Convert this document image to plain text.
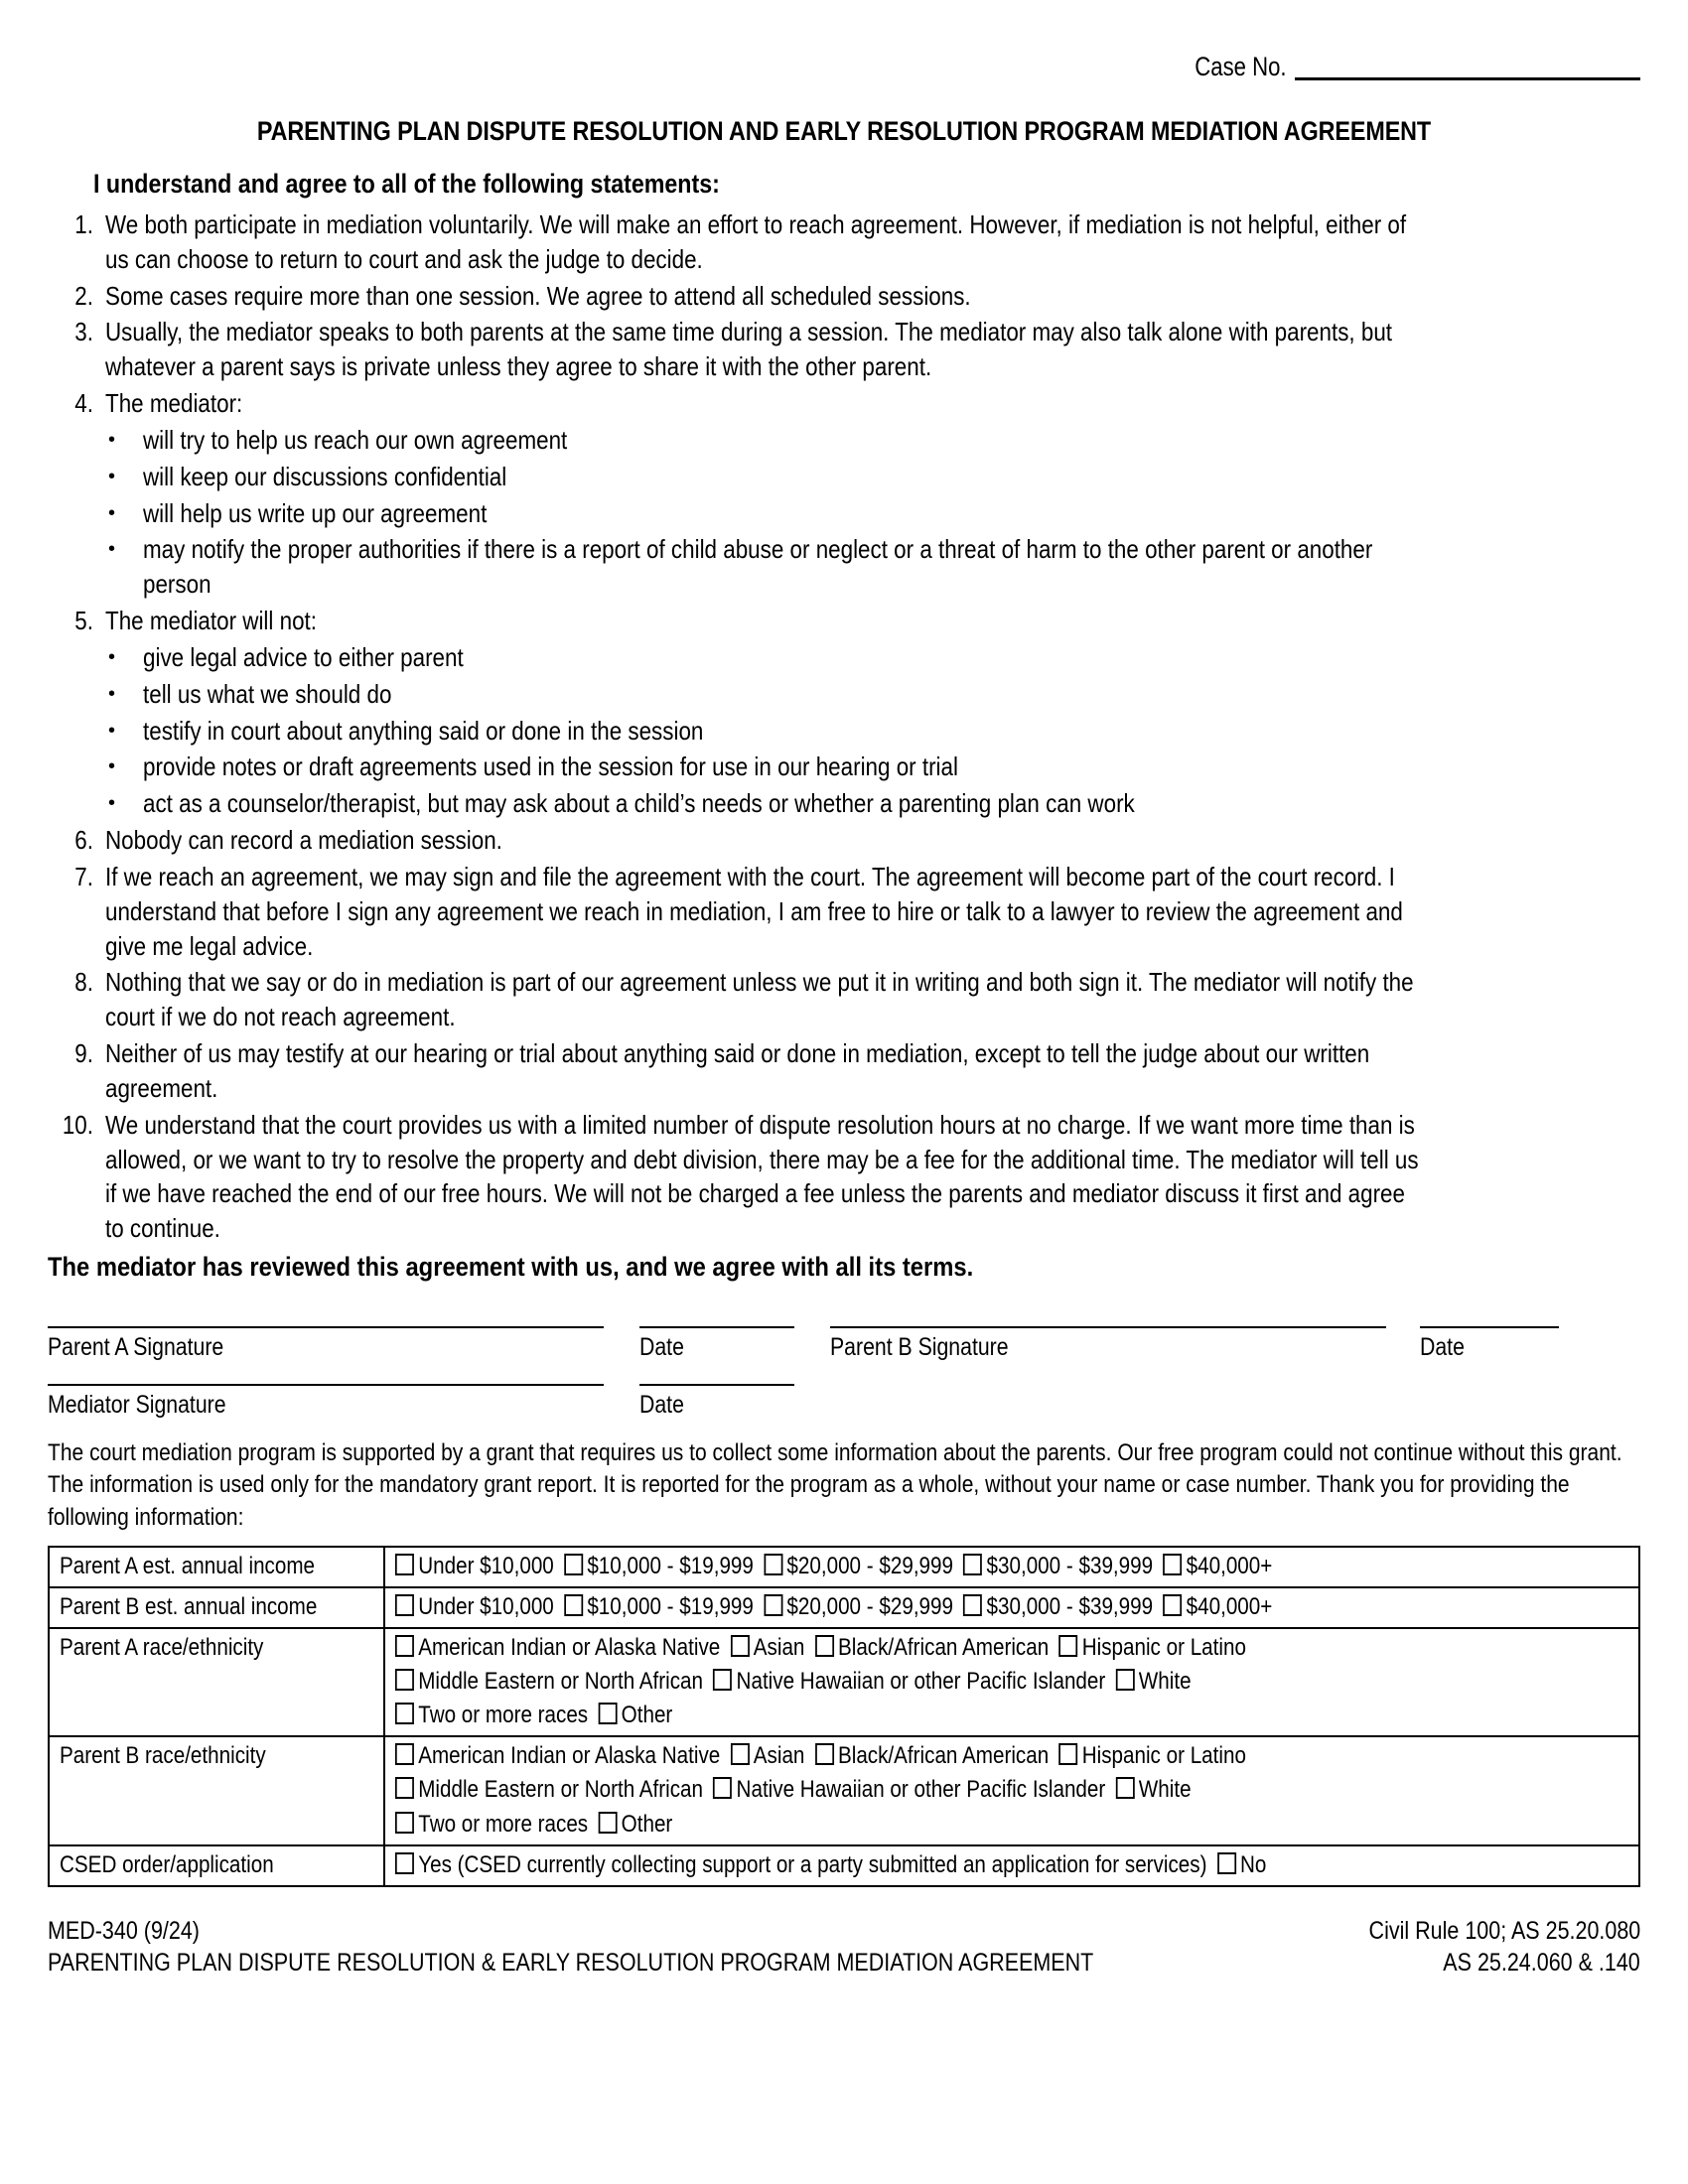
Case No.
PARENTING PLAN DISPUTE RESOLUTION AND EARLY RESOLUTION PROGRAM MEDIATION AGREEMENT
I understand and agree to all of the following statements:
1. We both participate in mediation voluntarily. We will make an effort to reach agreement. However, if mediation is not helpful, either of us can choose to return to court and ask the judge to decide.
2. Some cases require more than one session. We agree to attend all scheduled sessions.
3. Usually, the mediator speaks to both parents at the same time during a session. The mediator may also talk alone with parents, but whatever a parent says is private unless they agree to share it with the other parent.
4. The mediator:
•	will try to help us reach our own agreement
•	will keep our discussions confidential
•	will help us write up our agreement
•	may notify the proper authorities if there is a report of child abuse or neglect or a threat of harm to the other parent or another person
5. The mediator will not:
•	give legal advice to either parent
•	tell us what we should do
•	testify in court about anything said or done in the session
•	provide notes or draft agreements used in the session for use in our hearing or trial
•	act as a counselor/therapist, but may ask about a child’s needs or whether a parenting plan can work
6. Nobody can record a mediation session.
7. If we reach an agreement, we may sign and file the agreement with the court. The agreement will become part of the court record. I understand that before I sign any agreement we reach in mediation, I am free to hire or talk to a lawyer to review the agreement and give me legal advice.
8. Nothing that we say or do in mediation is part of our agreement unless we put it in writing and both sign it. The mediator will notify the court if we do not reach agreement.
9. Neither of us may testify at our hearing or trial about anything said or done in mediation, except to tell the judge about our written agreement.
10. We understand that the court provides us with a limited number of dispute resolution hours at no charge. If we want more time than is allowed, or we want to try to resolve the property and debt division, there may be a fee for the additional time. The mediator will tell us if we have reached the end of our free hours. We will not be charged a fee unless the parents and mediator discuss it first and agree to continue.
The mediator has reviewed this agreement with us, and we agree with all its terms.
Parent A Signature	Date	Parent B Signature	Date
Mediator Signature	Date
The court mediation program is supported by a grant that requires us to collect some information about the parents. Our free program could not continue without this grant. The information is used only for the mandatory grant report. It is reported for the program as a whole, without your name or case number. Thank you for providing the following information:
Parent A est. annual income	Under $10,000 $10,000 - $19,999 $20,000 - $29,999 $30,000 - $39,999 $40,000+

Parent B est. annual income	Under $10,000 $10,000 - $19,999 $20,000 - $29,999 $30,000 - $39,999 $40,000+

Parent A race/ethnicity	American Indian or Alaska Native Asian Black/African American Hispanic or Latino
Middle Eastern or North African Native Hawaiian or other Pacific Islander White
Two or more races Other

Parent B race/ethnicity	American Indian or Alaska Native Asian Black/African American Hispanic or Latino
Middle Eastern or North African Native Hawaiian or other Pacific Islander White
Two or more races Other

CSED order/application	Yes (CSED currently collecting support or a party submitted an application for services) No
MED-340 (9/24)	Civil Rule 100; AS 25.20.080
PARENTING PLAN DISPUTE RESOLUTION & EARLY RESOLUTION PROGRAM MEDIATION AGREEMENT	AS 25.24.060 & .140
